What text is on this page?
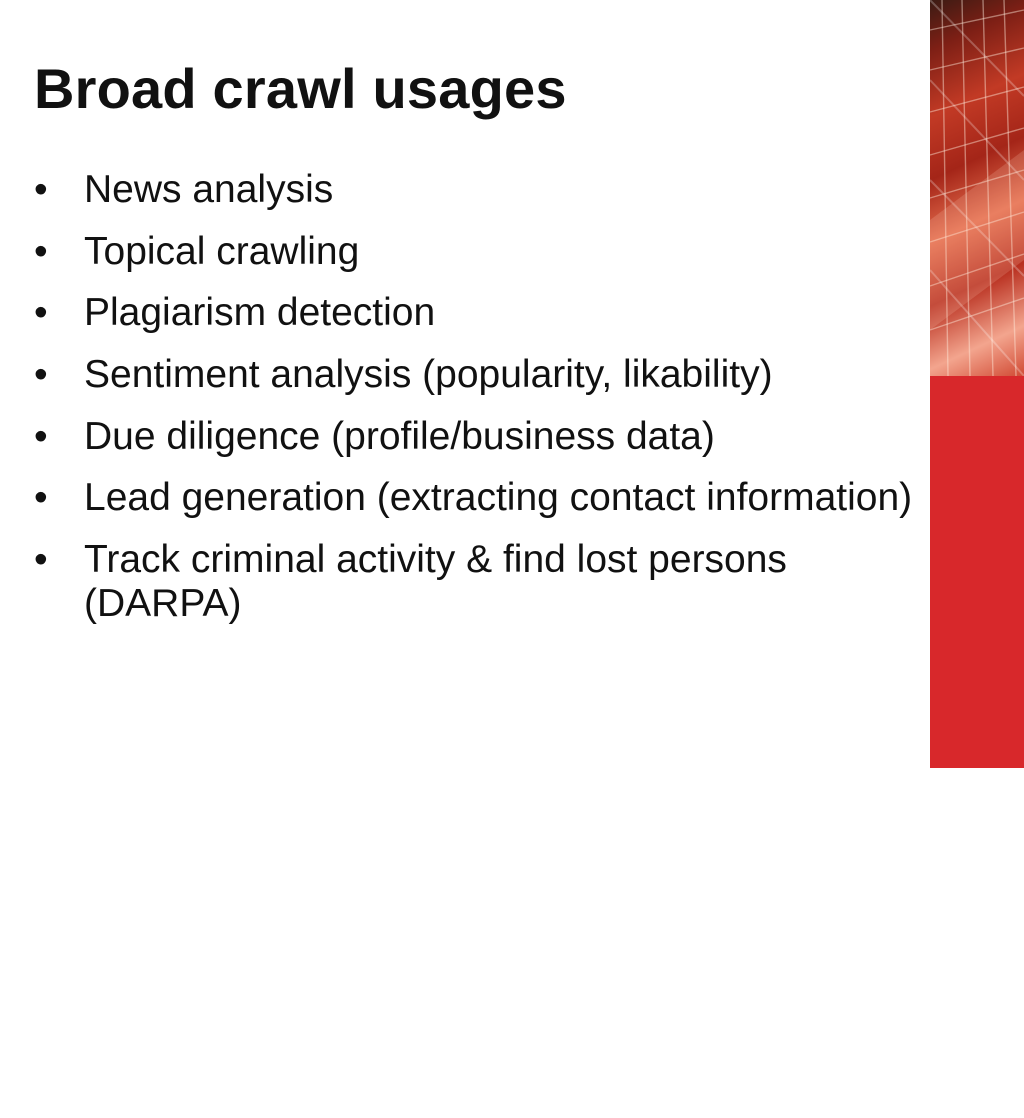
Broad crawl usages
• News analysis
• Topical crawling
• Plagiarism detection
• Sentiment analysis (popularity, likability)
• Due diligence (profile/business data)
• Lead generation (extracting contact information)
• Track criminal activity & find lost persons (DARPA)
HighLoad++
